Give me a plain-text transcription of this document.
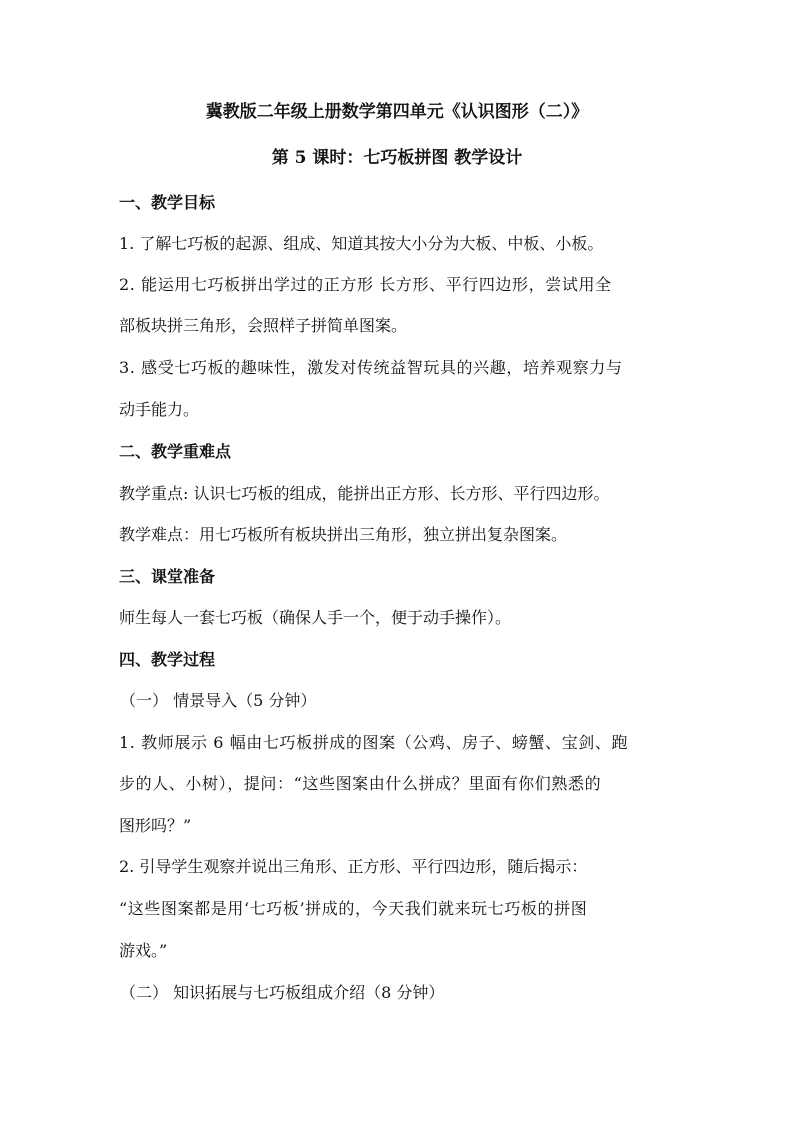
冀教版二年级上册数学第四单元《认识图形（二）》
第 5 课时：七巧板拼图 教学设计
一、教学目标
1. 了解七巧板的起源、组成、知道其按大小分为大板、中板、小板。
2. 能运用七巧板拼出学过的正方形 长方形、平行四边形，尝试用全
部板块拼三角形，会照样子拼简单图案。
3. 感受七巧板的趣味性，激发对传统益智玩具的兴趣，培养观察力与
动手能力。
二、教学重难点
教学重点: 认识七巧板的组成，能拼出正方形、长方形、平行四边形。
教学难点：用七巧板所有板块拼出三角形，独立拼出复杂图案。
三、课堂准备
师生每人一套七巧板（确保人手一个，便于动手操作）。
四、教学过程
（一） 情景导入（5 分钟）
1. 教师展示 6 幅由七巧板拼成的图案（公鸡、房子、螃蟹、宝剑、跑
步的人、小树），提问：“这些图案由什么拼成？里面有你们熟悉的
图形吗？”
2. 引导学生观察并说出三角形、正方形、平行四边形，随后揭示：
“这些图案都是用‘七巧板’拼成的，今天我们就来玩七巧板的拼图
游戏。”
（二） 知识拓展与七巧板组成介绍（8 分钟）
